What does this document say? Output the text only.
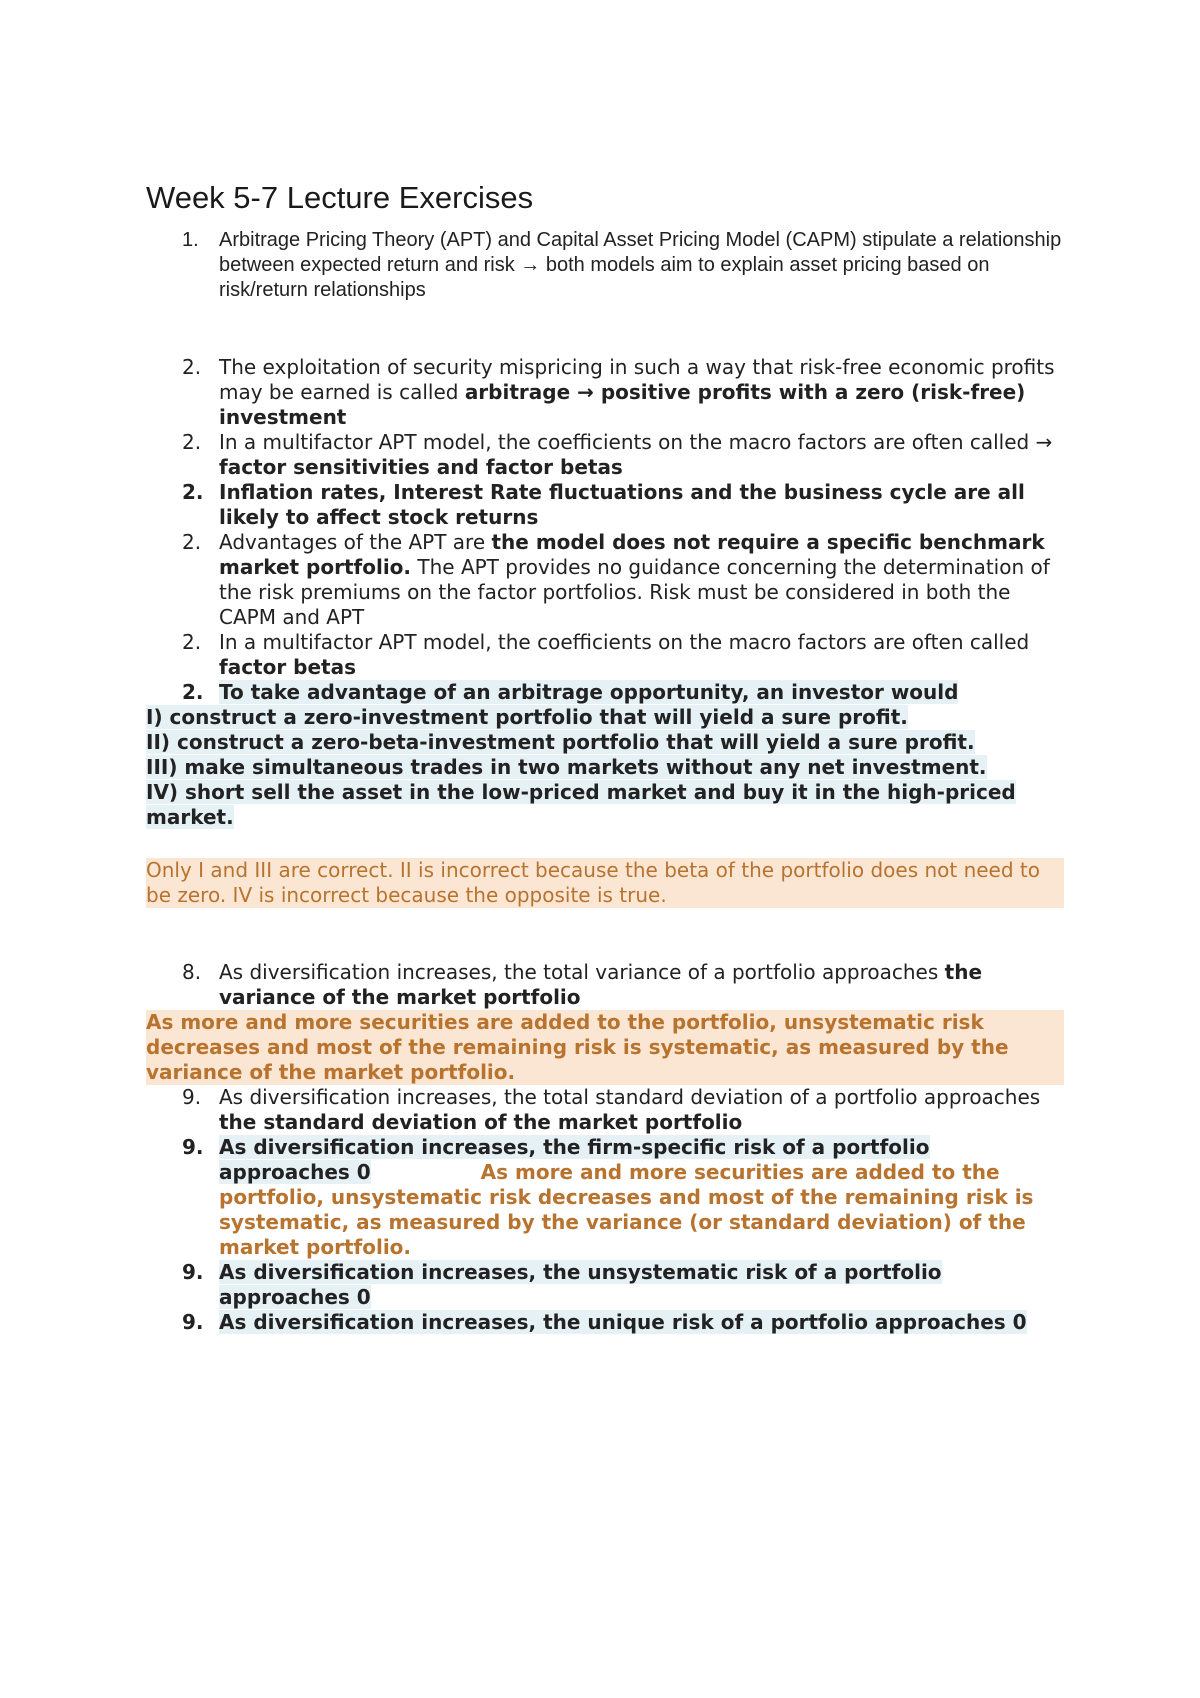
Week 5-7 Lecture Exercises
1. Arbitrage Pricing Theory (APT) and Capital Asset Pricing Model (CAPM) stipulate a relationship between expected return and risk → both models aim to explain asset pricing based on risk/return relationships
2. The exploitation of security mispricing in such a way that risk-free economic profits may be earned is called arbitrage → positive profits with a zero (risk-free) investment
2. In a multifactor APT model, the coefficients on the macro factors are often called → factor sensitivities and factor betas
2. Inflation rates, Interest Rate fluctuations and the business cycle are all likely to affect stock returns
2. Advantages of the APT are the model does not require a specific benchmark market portfolio. The APT provides no guidance concerning the determination of the risk premiums on the factor portfolios. Risk must be considered in both the CAPM and APT
2. In a multifactor APT model, the coefficients on the macro factors are often called factor betas
2. To take advantage of an arbitrage opportunity, an investor would
I) construct a zero-investment portfolio that will yield a sure profit.
II) construct a zero-beta-investment portfolio that will yield a sure profit.
III) make simultaneous trades in two markets without any net investment.
IV) short sell the asset in the low-priced market and buy it in the high-priced market.
Only I and III are correct. II is incorrect because the beta of the portfolio does not need to be zero. IV is incorrect because the opposite is true.
8. As diversification increases, the total variance of a portfolio approaches the variance of the market portfolio
As more and more securities are added to the portfolio, unsystematic risk decreases and most of the remaining risk is systematic, as measured by the variance of the market portfolio.
9. As diversification increases, the total standard deviation of a portfolio approaches the standard deviation of the market portfolio
9. As diversification increases, the firm-specific risk of a portfolio approaches 0	As more and more securities are added to the portfolio, unsystematic risk decreases and most of the remaining risk is systematic, as measured by the variance (or standard deviation) of the market portfolio.
9. As diversification increases, the unsystematic risk of a portfolio approaches 0
9. As diversification increases, the unique risk of a portfolio approaches 0
